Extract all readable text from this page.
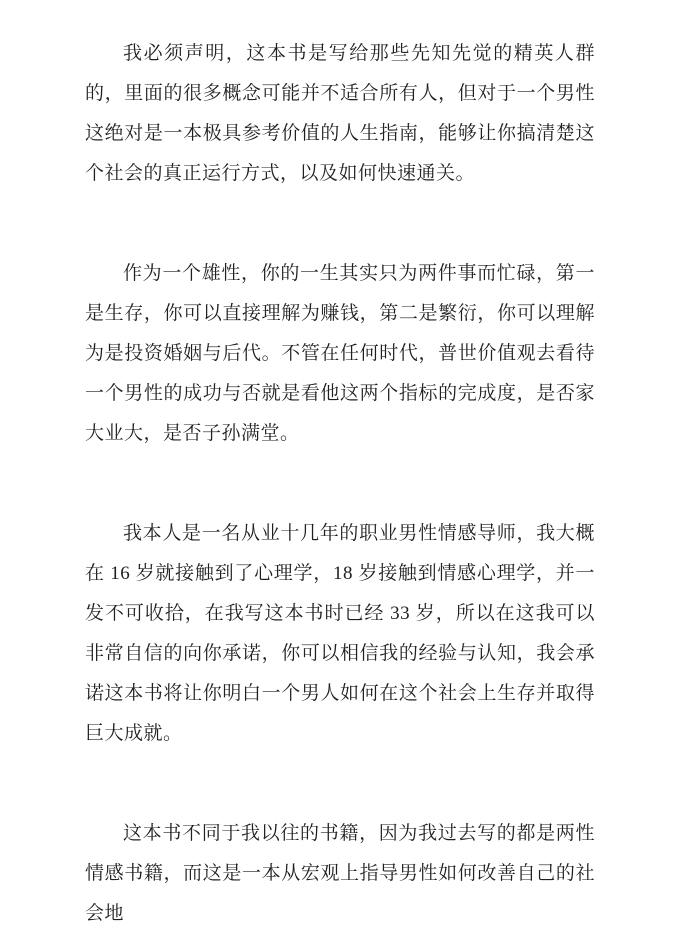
我必须声明，这本书是写给那些先知先觉的精英人群的，里面的很多概念可能并不适合所有人，但对于一个男性这绝对是一本极具参考价值的人生指南，能够让你搞清楚这个社会的真正运行方式，以及如何快速通关。

作为一个雄性，你的一生其实只为两件事而忙碌，第一是生存，你可以直接理解为赚钱，第二是繁衍，你可以理解为是投资婚姻与后代。不管在任何时代，普世价值观去看待一个男性的成功与否就是看他这两个指标的完成度，是否家大业大，是否子孙满堂。

我本人是一名从业十几年的职业男性情感导师，我大概在 16 岁就接触到了心理学，18 岁接触到情感心理学，并一发不可收拾，在我写这本书时已经 33 岁，所以在这我可以非常自信的向你承诺，你可以相信我的经验与认知，我会承诺这本书将让你明白一个男人如何在这个社会上生存并取得巨大成就。

这本书不同于我以往的书籍，因为我过去写的都是两性情感书籍，而这是一本从宏观上指导男性如何改善自己的社会地
